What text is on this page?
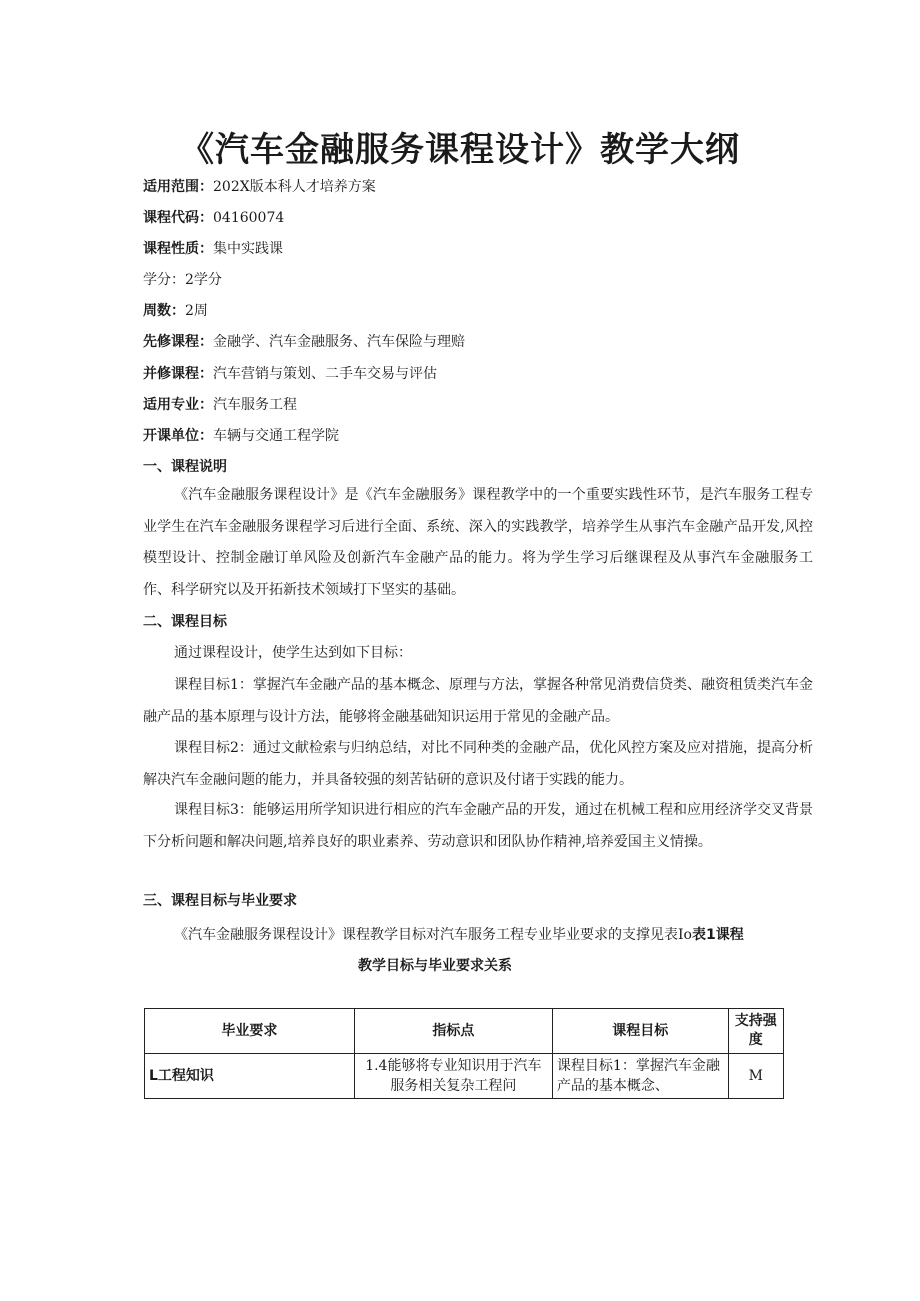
《汽车金融服务课程设计》教学大纲
适用范围：202X版本科人才培养方案
课程代码：04160074
课程性质：集中实践课
学分：2学分
周数：2周
先修课程：金融学、汽车金融服务、汽车保险与理赔
并修课程：汽车营销与策划、二手车交易与评估
适用专业：汽车服务工程
开课单位：车辆与交通工程学院
一、课程说明

《汽车金融服务课程设计》是《汽车金融服务》课程教学中的一个重要实践性环节，是汽车服务工程专业学生在汽车金融服务课程学习后进行全面、系统、深入的实践教学，培养学生从事汽车金融产品开发,风控模型设计、控制金融订单风险及创新汽车金融产品的能力。将为学生学习后继课程及从事汽车金融服务工作、科学研究以及开拓新技术领域打下坚实的基础。

二、课程目标

通过课程设计，使学生达到如下目标：

课程目标1：掌握汽车金融产品的基本概念、原理与方法，掌握各种常见消费信贷类、融资租赁类汽车金融产品的基本原理与设计方法，能够将金融基础知识运用于常见的金融产品。

课程目标2：通过文献检索与归纳总结，对比不同种类的金融产品，优化风控方案及应对措施，提高分析解决汽车金融问题的能力，并具备较强的刻苦钻研的意识及付诸于实践的能力。

课程目标3：能够运用所学知识进行相应的汽车金融产品的开发，通过在机械工程和应用经济学交叉背景下分析问题和解决问题,培养良好的职业素养、劳动意识和团队协作精神,培养爱国主义情操。

三、课程目标与毕业要求
《汽车金融服务课程设计》课程教学目标对汽车服务工程专业毕业要求的支撑见表Io表1课程
教学目标与毕业要求关系
毕业要求	指标点	课程目标	支持强度
L工程知识	1.4能够将专业知识用于汽车服务相关复杂工程问	课程目标1：掌握汽车金融产品的基本概念、	M
